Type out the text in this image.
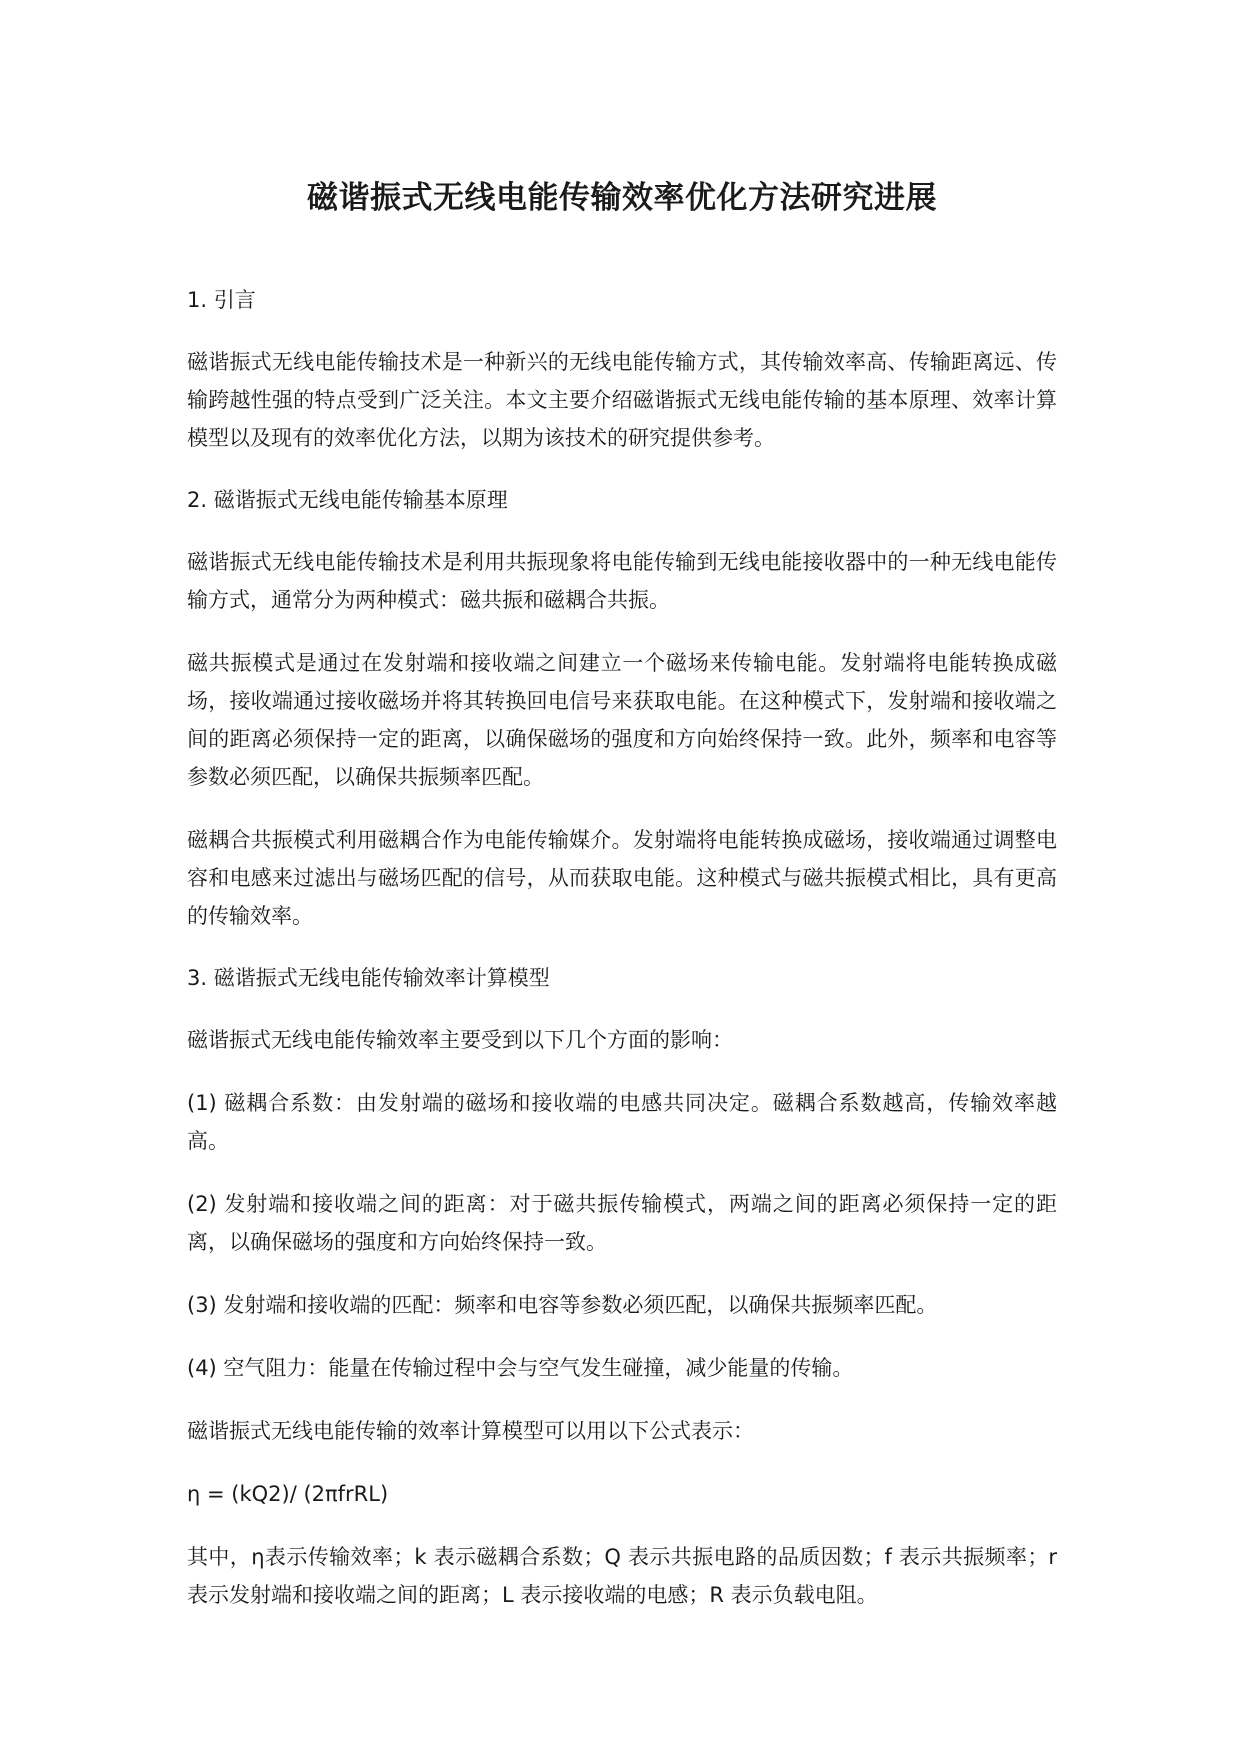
磁谐振式无线电能传输效率优化方法研究进展

1. 引言

磁谐振式无线电能传输技术是一种新兴的无线电能传输方式，其传输效率高、传输距离远、传输跨越性强的特点受到广泛关注。本文主要介绍磁谐振式无线电能传输的基本原理、效率计算模型以及现有的效率优化方法，以期为该技术的研究提供参考。

2. 磁谐振式无线电能传输基本原理

磁谐振式无线电能传输技术是利用共振现象将电能传输到无线电能接收器中的一种无线电能传输方式，通常分为两种模式：磁共振和磁耦合共振。

磁共振模式是通过在发射端和接收端之间建立一个磁场来传输电能。发射端将电能转换成磁场，接收端通过接收磁场并将其转换回电信号来获取电能。在这种模式下，发射端和接收端之间的距离必须保持一定的距离，以确保磁场的强度和方向始终保持一致。此外，频率和电容等参数必须匹配，以确保共振频率匹配。

磁耦合共振模式利用磁耦合作为电能传输媒介。发射端将电能转换成磁场，接收端通过调整电容和电感来过滤出与磁场匹配的信号，从而获取电能。这种模式与磁共振模式相比，具有更高的传输效率。

3. 磁谐振式无线电能传输效率计算模型

磁谐振式无线电能传输效率主要受到以下几个方面的影响：

(1) 磁耦合系数：由发射端的磁场和接收端的电感共同决定。磁耦合系数越高，传输效率越高。

(2) 发射端和接收端之间的距离：对于磁共振传输模式，两端之间的距离必须保持一定的距离，以确保磁场的强度和方向始终保持一致。

(3) 发射端和接收端的匹配：频率和电容等参数必须匹配，以确保共振频率匹配。

(4) 空气阻力：能量在传输过程中会与空气发生碰撞，减少能量的传输。

磁谐振式无线电能传输的效率计算模型可以用以下公式表示：

η = (kQ2)/ (2πfrRL)

其中，η表示传输效率；k 表示磁耦合系数；Q 表示共振电路的品质因数；f 表示共振频率；r 表示发射端和接收端之间的距离；L 表示接收端的电感；R 表示负载电阻。
